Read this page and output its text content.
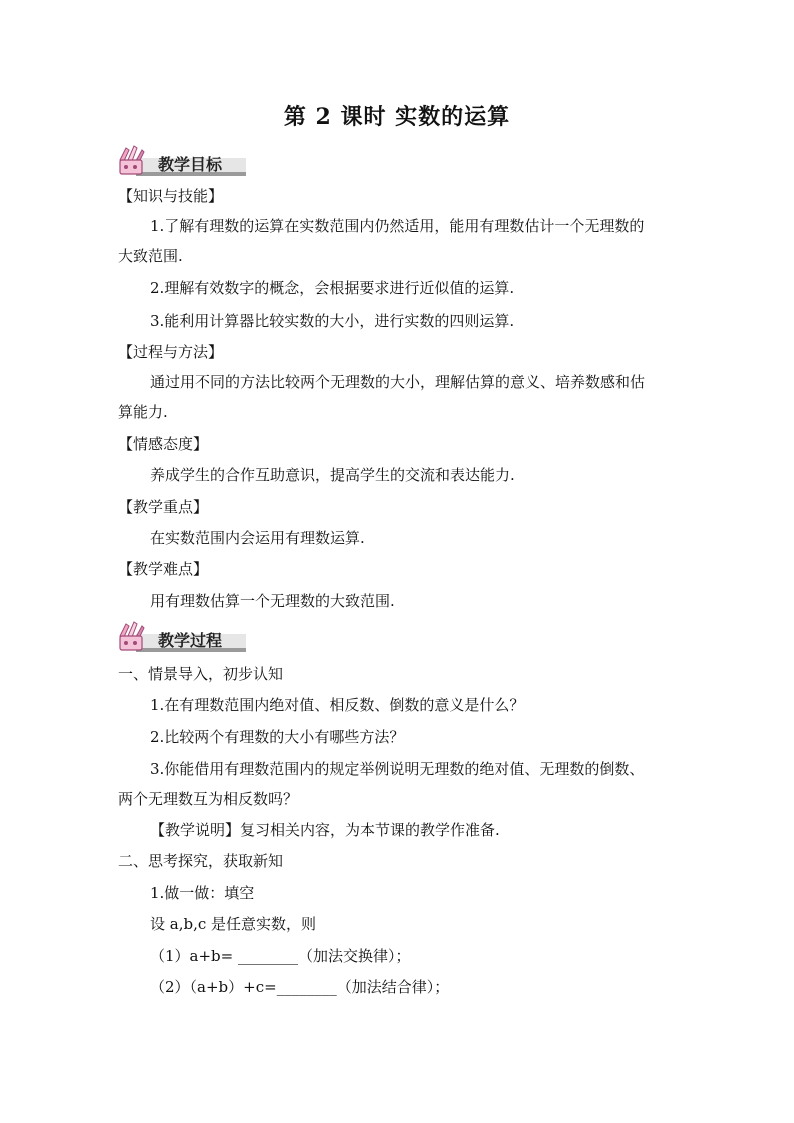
第 2 课时 实数的运算
教学目标
【知识与技能】
1.了解有理数的运算在实数范围内仍然适用，能用有理数估计一个无理数的
大致范围.
2.理解有效数字的概念，会根据要求进行近似值的运算.
3.能利用计算器比较实数的大小，进行实数的四则运算.
【过程与方法】
通过用不同的方法比较两个无理数的大小，理解估算的意义、培养数感和估
算能力.
【情感态度】
养成学生的合作互助意识，提高学生的交流和表达能力.
【教学重点】
在实数范围内会运用有理数运算.
【教学难点】
用有理数估算一个无理数的大致范围.
教学过程
一、情景导入，初步认知
1.在有理数范围内绝对值、相反数、倒数的意义是什么？
2.比较两个有理数的大小有哪些方法？
3.你能借用有理数范围内的规定举例说明无理数的绝对值、无理数的倒数、
两个无理数互为相反数吗？
【教学说明】复习相关内容，为本节课的教学作准备.
二、思考探究，获取新知
1.做一做：填空
设 a,b,c 是任意实数，则
（1）a+b= ________（加法交换律）；
（2）（a+b）+c=________（加法结合律）；
